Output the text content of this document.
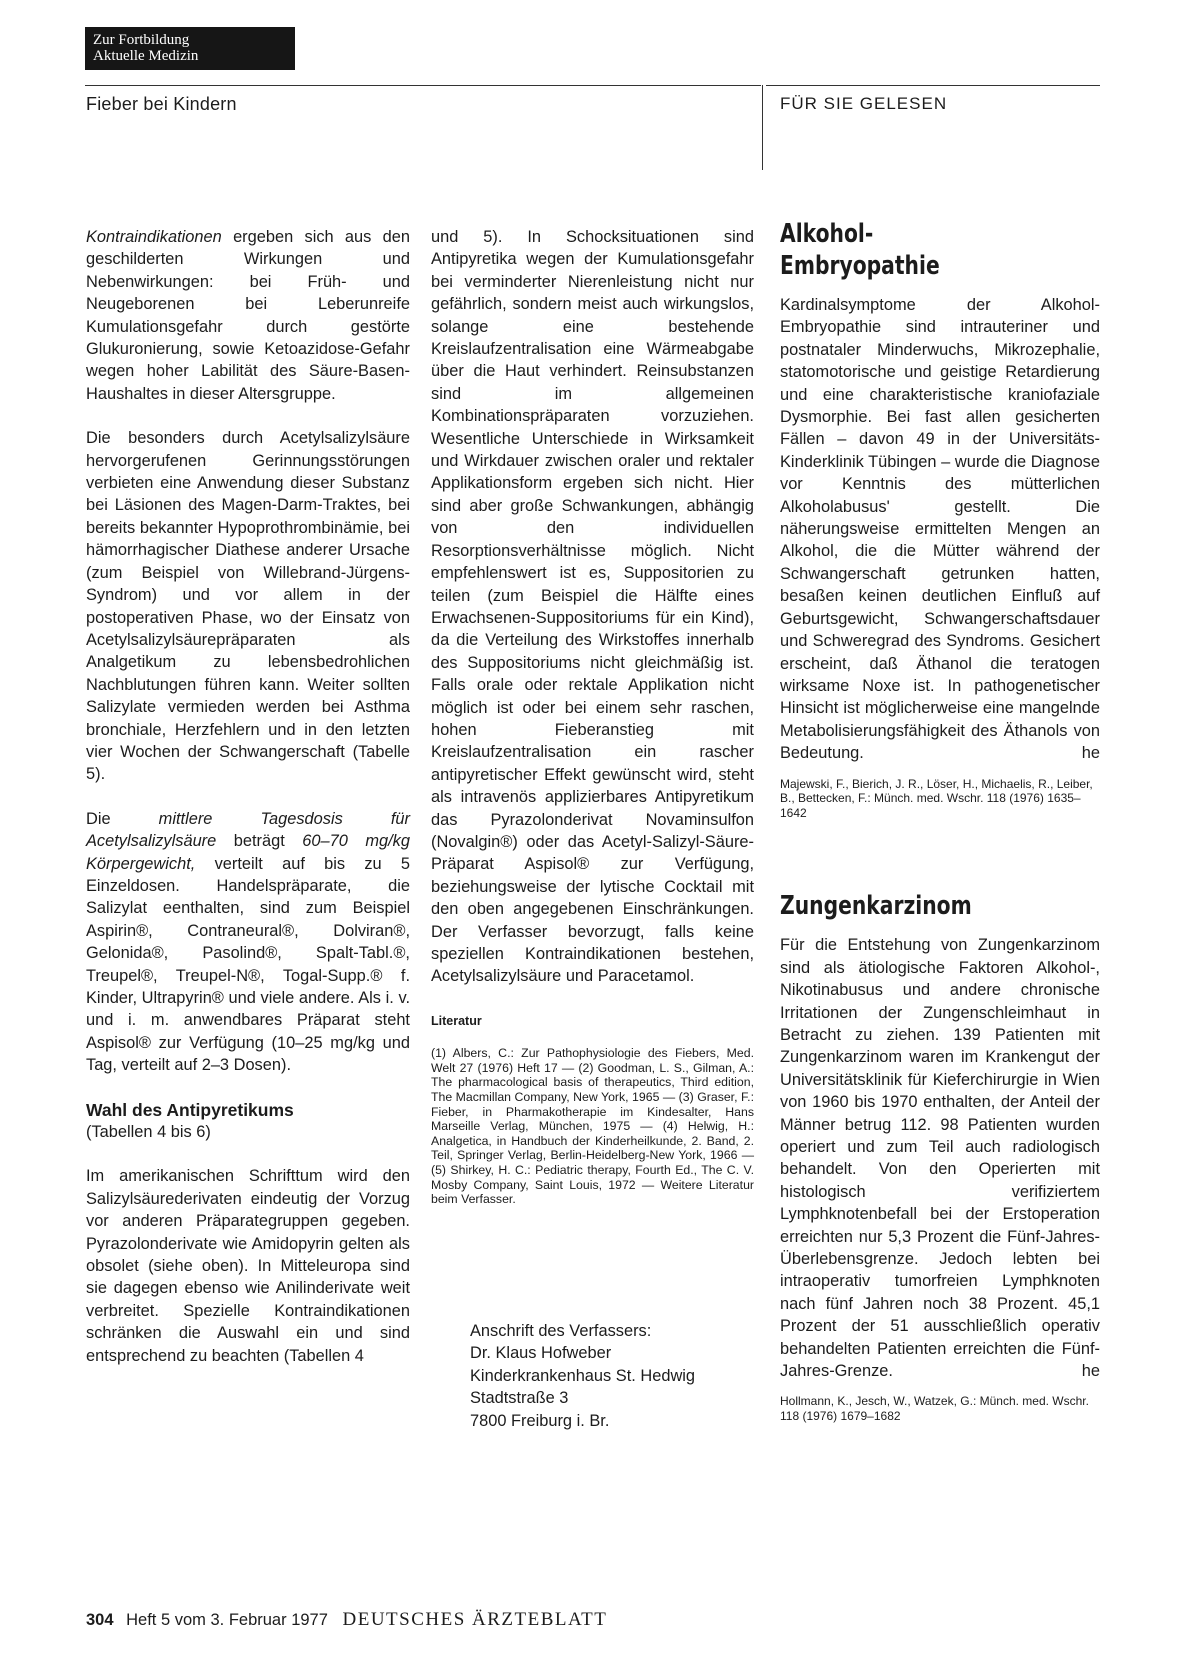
Zur Fortbildung
Aktuelle Medizin
Fieber bei Kindern	FÜR SIE GELESEN

Kontraindikationen ergeben sich aus den geschilderten Wirkungen und Nebenwirkungen: bei Früh- und Neugeborenen bei Leberunreife Kumulationsgefahr durch gestörte Glukuronierung, sowie Ketoazidose-Gefahr wegen hoher Labilität des Säure-Basen-Haushaltes in dieser Altersgruppe.

Die besonders durch Acetylsalizylsäure hervorgerufenen Gerinnungsstörungen verbieten eine Anwendung dieser Substanz bei Läsionen des Magen-Darm-Traktes, bei bereits bekannter Hypoprothrombinämie, bei hämorrhagischer Diathese anderer Ursache (zum Beispiel von Willebrand-Jürgens-Syndrom) und vor allem in der postoperativen Phase, wo der Einsatz von Acetylsalizylsäurepräparaten als Analgetikum zu lebensbedrohlichen Nachblutungen führen kann. Weiter sollten Salizylate vermieden werden bei Asthma bronchiale, Herzfehlern und in den letzten vier Wochen der Schwangerschaft (Tabelle 5).

Die mittlere Tagesdosis für Acetylsalizylsäure beträgt 60–70 mg/kg Körpergewicht, verteilt auf bis zu 5 Einzeldosen. Handelspräparate, die Salizylat eenthalten, sind zum Beispiel Aspirin®, Contraneural®, Dolviran®, Gelonida®, Pasolind®, Spalt-Tabl.®, Treupel®, Treupel-N®, Togal-Supp.® f. Kinder, Ultrapyrin® und viele andere. Als i. v. und i. m. anwendbares Präparat steht Aspisol® zur Verfügung (10–25 mg/kg und Tag, verteilt auf 2–3 Dosen).

Wahl des Antipyretikums

(Tabellen 4 bis 6)

Im amerikanischen Schrifttum wird den Salizylsäurederivaten eindeutig der Vorzug vor anderen Präparategruppen gegeben. Pyrazolonderivate wie Amidopyrin gelten als obsolet (siehe oben). In Mitteleuropa sind sie dagegen ebenso wie Anilinderivate weit verbreitet. Spezielle Kontraindikationen schränken die Auswahl ein und sind entsprechend zu beachten (Tabellen 4

und 5). In Schocksituationen sind Antipyretika wegen der Kumulationsgefahr bei verminderter Nierenleistung nicht nur gefährlich, sondern meist auch wirkungslos, solange eine bestehende Kreislaufzentralisation eine Wärmeabgabe über die Haut verhindert. Reinsubstanzen sind im allgemeinen Kombinationspräparaten vorzuziehen. Wesentliche Unterschiede in Wirksamkeit und Wirkdauer zwischen oraler und rektaler Applikationsform ergeben sich nicht. Hier sind aber große Schwankungen, abhängig von den individuellen Resorptionsverhältnisse möglich. Nicht empfehlenswert ist es, Suppositorien zu teilen (zum Beispiel die Hälfte eines Erwachsenen-Suppositoriums für ein Kind), da die Verteilung des Wirkstoffes innerhalb des Suppositoriums nicht gleichmäßig ist. Falls orale oder rektale Applikation nicht möglich ist oder bei einem sehr raschen, hohen Fieberanstieg mit Kreislaufzentralisation ein rascher antipyretischer Effekt gewünscht wird, steht als intravenös applizierbares Antipyretikum das Pyrazolonderivat Novaminsulfon (Novalgin®) oder das Acetyl-Salizyl-Säure-Präparat Aspisol® zur Verfügung, beziehungsweise der lytische Cocktail mit den oben angegebenen Einschränkungen. Der Verfasser bevorzugt, falls keine speziellen Kontraindikationen bestehen, Acetylsalizylsäure und Paracetamol.

Literatur

(1) Albers, C.: Zur Pathophysiologie des Fiebers, Med. Welt 27 (1976) Heft 17 — (2) Goodman, L. S., Gilman, A.: The pharmacological basis of therapeutics, Third edition, The Macmillan Company, New York, 1965 — (3) Graser, F.: Fieber, in Pharmakotherapie im Kindesalter, Hans Marseille Verlag, München, 1975 — (4) Helwig, H.: Analgetica, in Handbuch der Kinderheilkunde, 2. Band, 2. Teil, Springer Verlag, Berlin-Heidelberg-New York, 1966 — (5) Shirkey, H. C.: Pediatric therapy, Fourth Ed., The C. V. Mosby Company, Saint Louis, 1972 — Weitere Literatur beim Verfasser.

Anschrift des Verfassers:
Dr. Klaus Hofweber
Kinderkrankenhaus St. Hedwig
Stadtstraße 3
7800 Freiburg i. Br.

Alkohol-
Embryopathie

Kardinalsymptome der Alkohol-Embryopathie sind intrauteriner und postnataler Minderwuchs, Mikrozephalie, statomotorische und geistige Retardierung und eine charakteristische kraniofaziale Dysmorphie. Bei fast allen gesicherten Fällen – davon 49 in der Universitäts-Kinderklinik Tübingen – wurde die Diagnose vor Kenntnis des mütterlichen Alkoholabusus' gestellt. Die näherungsweise ermittelten Mengen an Alkohol, die die Mütter während der Schwangerschaft getrunken hatten, besaßen keinen deutlichen Einfluß auf Geburtsgewicht, Schwangerschaftsdauer und Schweregrad des Syndroms. Gesichert erscheint, daß Äthanol die teratogen wirksame Noxe ist. In pathogenetischer Hinsicht ist möglicherweise eine mangelnde Metabolisierungsfähigkeit des Äthanols von Bedeutung.	he

Majewski, F., Bierich, J. R., Löser, H., Michaelis, R., Leiber, B., Bettecken, F.: Münch. med. Wschr. 118 (1976) 1635–1642

Zungenkarzinom

Für die Entstehung von Zungenkarzinom sind als ätiologische Faktoren Alkohol-, Nikotinabusus und andere chronische Irritationen der Zungenschleimhaut in Betracht zu ziehen. 139 Patienten mit Zungenkarzinom waren im Krankengut der Universitätsklinik für Kieferchirurgie in Wien von 1960 bis 1970 enthalten, der Anteil der Männer betrug 112. 98 Patienten wurden operiert und zum Teil auch radiologisch behandelt. Von den Operierten mit histologisch verifiziertem Lymphknotenbefall bei der Erstoperation erreichten nur 5,3 Prozent die Fünf-Jahres-Überlebensgrenze. Jedoch lebten bei intraoperativ tumorfreien Lymphknoten nach fünf Jahren noch 38 Prozent. 45,1 Prozent der 51 ausschließlich operativ behandelten Patienten erreichten die Fünf-Jahres-Grenze.	he

Hollmann, K., Jesch, W., Watzek, G.: Münch. med. Wschr. 118 (1976) 1679–1682

304 Heft 5 vom 3. Februar 1977 DEUTSCHES ÄRZTEBLATT
